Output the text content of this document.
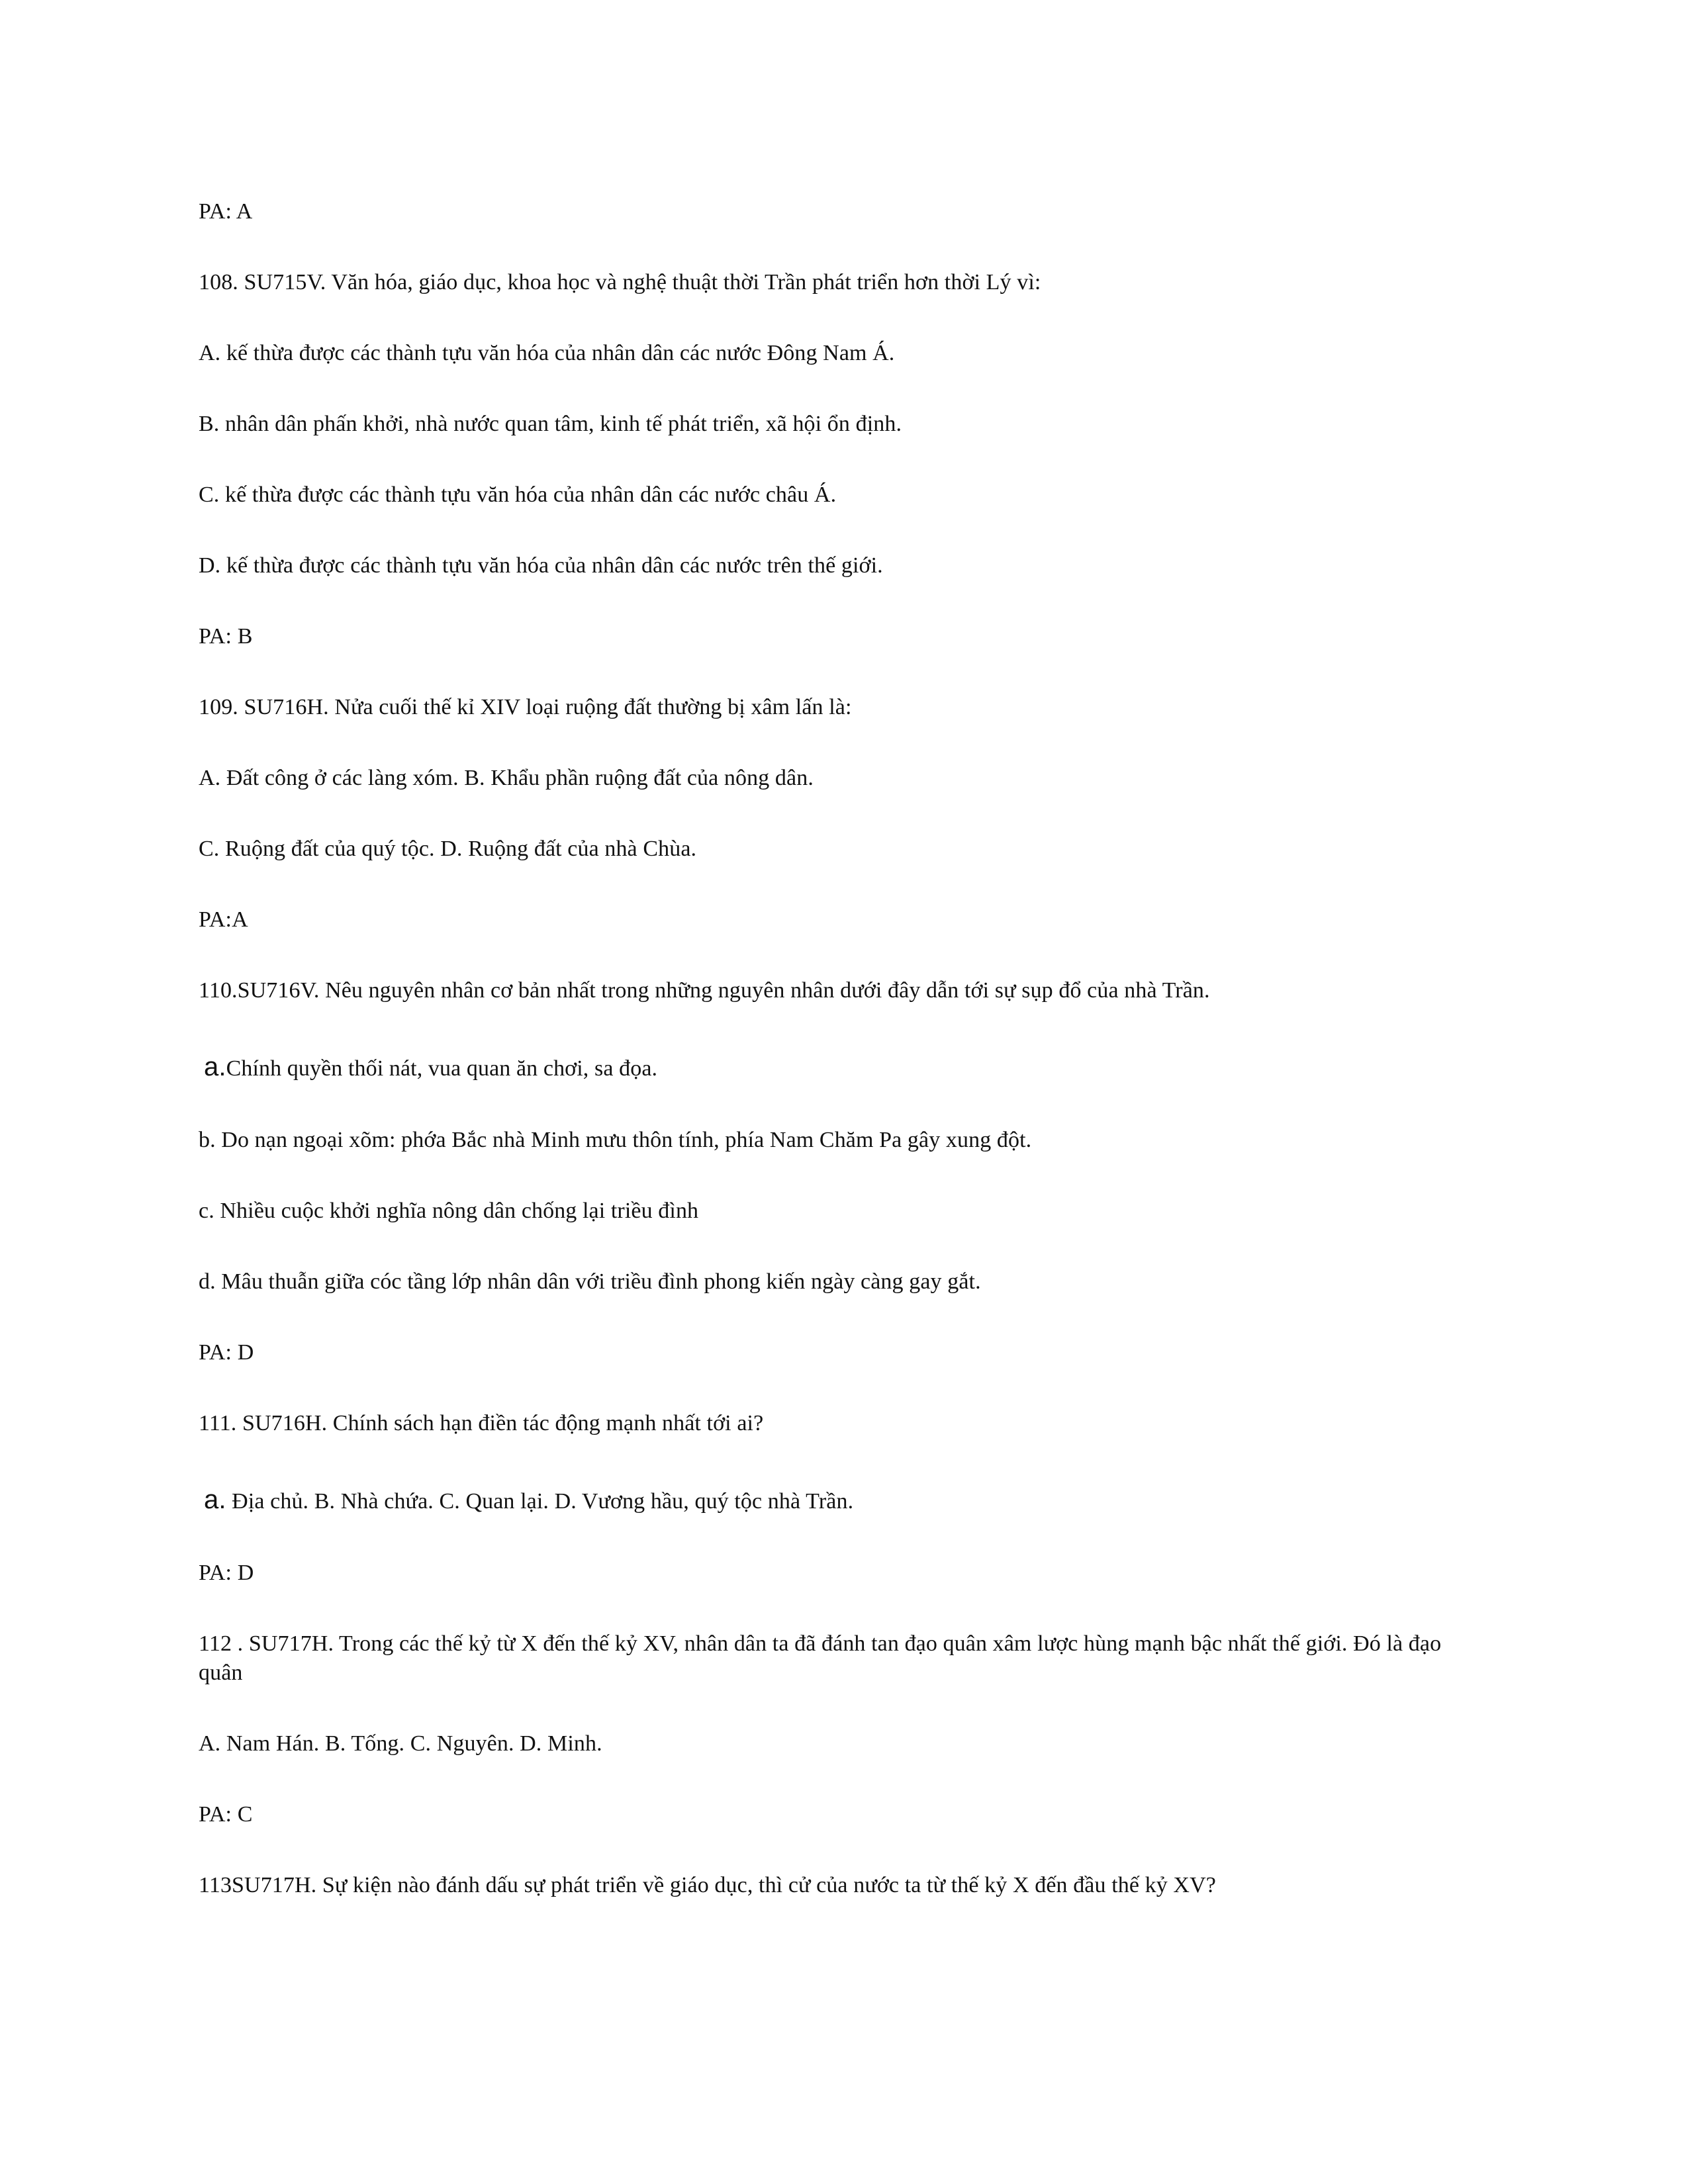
PA: A
108. SU715V. Văn hóa, giáo dục, khoa học và nghệ thuật thời Trần phát triển hơn thời Lý vì:
A. kế thừa được các thành tựu văn hóa của nhân dân các nước Đông Nam Á.
B. nhân dân phấn khởi, nhà nước quan tâm, kinh tế phát triển, xã hội ổn định.
C. kế thừa được các thành tựu văn hóa của nhân dân các nước châu Á.
D. kế thừa được các thành tựu văn hóa của nhân dân các nước trên thế giới.
PA: B
109. SU716H. Nửa cuối thế kỉ XIV loại ruộng đất thường bị xâm lấn là:
A. Đất công ở các làng xóm. B. Khẩu phần ruộng đất của nông dân.
C. Ruộng đất của quý tộc. D. Ruộng đất của nhà Chùa.
PA:A
110.SU716V. Nêu nguyên nhân cơ bản nhất trong những nguyên nhân dưới đây dẫn tới sự sụp đổ của nhà Trần.
a.Chính quyền thối nát, vua quan ăn chơi, sa đọa.
b. Do nạn ngoại xõm: phớa Bắc nhà Minh mưu thôn tính, phía Nam Chăm Pa gây xung đột.
c. Nhiều cuộc khởi nghĩa nông dân chống lại triều đình
d. Mâu thuẫn giữa cóc tầng lớp nhân dân với triều đình phong kiến ngày càng gay gắt.
PA: D
111. SU716H. Chính sách hạn điền tác động mạnh nhất tới ai?
a. Địa chủ. B. Nhà chứa. C. Quan lại. D. Vương hầu, quý tộc nhà Trần.
PA: D
112 . SU717H. Trong các thế kỷ từ X đến thế kỷ XV, nhân dân ta đã đánh tan đạo quân xâm lược hùng mạnh bậc nhất thế giới. Đó là đạo quân
A. Nam Hán. B. Tống. C. Nguyên. D. Minh.
PA: C
113SU717H. Sự kiện nào đánh dấu sự phát triển về giáo dục, thì cử của nước ta từ thế kỷ X đến đầu thế kỷ XV?
